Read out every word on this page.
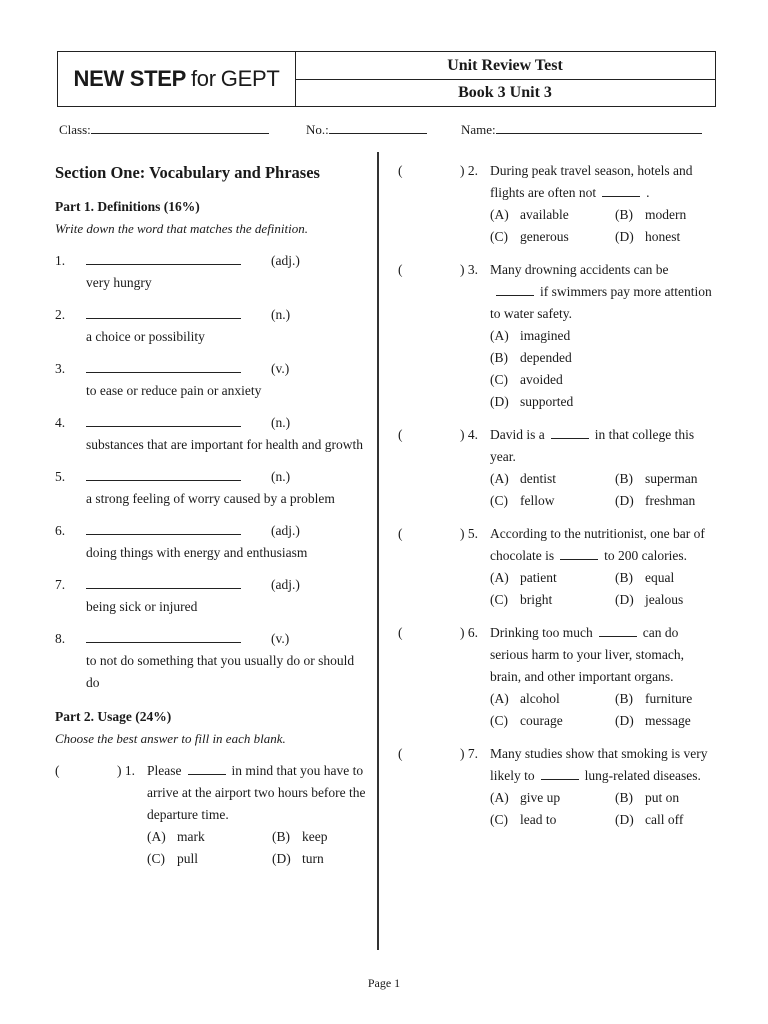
NEW STEP for GEPT
Unit Review Test
Book 3 Unit 3
Class:	No.:	Name:
Section One: Vocabulary and Phrases
Part 1. Definitions (16%)
Write down the word that matches the definition.
1.	(adj.)
very hungry
2.	(n.)
a choice or possibility
3.	(v.)
to ease or reduce pain or anxiety
4.	(n.)
substances that are important for health and growth
5.	(n.)
a strong feeling of worry caused by a problem
6.	(adj.)
doing things with energy and enthusiasm
7.	(adj.)
being sick or injured
8.	(v.)
to not do something that you usually do or should do
Part 2. Usage (24%)
Choose the best answer to fill in each blank.
(	) 1. Please	in mind that you have to arrive at the airport two hours before the departure time.
(A) mark	(B) keep
(C) pull	(D) turn
(	) 2. During peak travel season, hotels and flights are often not	.
(A) available	(B) modern
(C) generous	(D) honest
(	) 3. Many drowning accidents can beif swimmers pay more attention to water safety.
(A) imagined
(B) depended
(C) avoided
(D) supported
(	) 4. David is a	in that college this year.
(A) dentist	(B) superman
(C) fellow	(D) freshman
(	) 5. According to the nutritionist, one bar of chocolate is	to 200 calories.
(A) patient	(B) equal
(C) bright	(D) jealous
(	) 6. Drinking too much	can do serious harm to your liver, stomach, brain, and other important organs.
(A) alcohol	(B) furniture
(C) courage	(D) message
(	) 7. Many studies show that smoking is very likely to	lung-related diseases.
(A) give up	(B) put on
(C) lead to	(D) call off
Page 1
